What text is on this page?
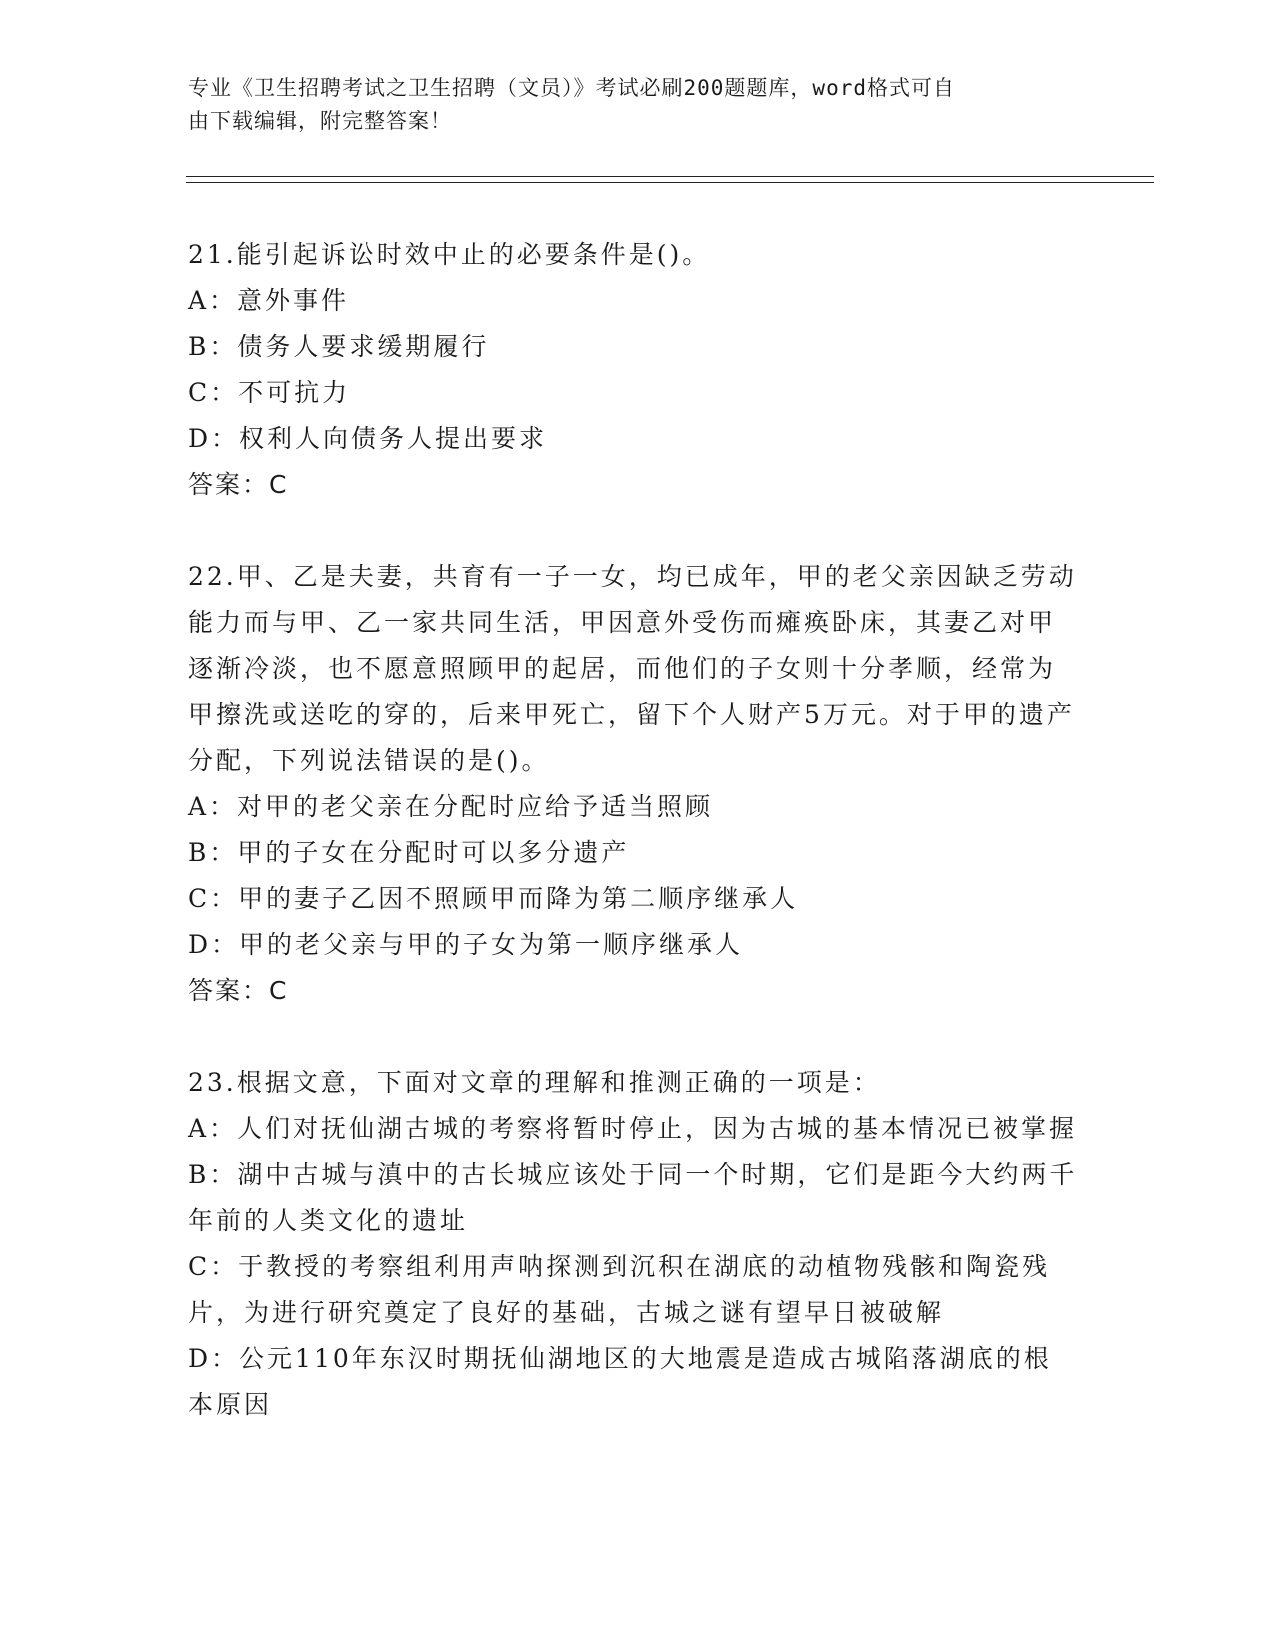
专业《卫生招聘考试之卫生招聘（文员）》考试必刷200题题库，word格式可自
由下载编辑，附完整答案！
21.能引起诉讼时效中止的必要条件是()。
A：意外事件
B：债务人要求缓期履行
C：不可抗力
D：权利人向债务人提出要求
答案：C
22.甲、乙是夫妻，共育有一子一女，均已成年，甲的老父亲因缺乏劳动能力而与甲、乙一家共同生活，甲因意外受伤而瘫痪卧床，其妻乙对甲逐渐冷淡，也不愿意照顾甲的起居，而他们的子女则十分孝顺，经常为甲擦洗或送吃的穿的，后来甲死亡，留下个人财产5万元。对于甲的遗产分配，下列说法错误的是()。
A：对甲的老父亲在分配时应给予适当照顾
B：甲的子女在分配时可以多分遗产
C：甲的妻子乙因不照顾甲而降为第二顺序继承人
D：甲的老父亲与甲的子女为第一顺序继承人
答案：C
23.根据文意，下面对文章的理解和推测正确的一项是：
A：人们对抚仙湖古城的考察将暂时停止，因为古城的基本情况已被掌握
B：湖中古城与滇中的古长城应该处于同一个时期，它们是距今大约两千年前的人类文化的遗址
C：于教授的考察组利用声呐探测到沉积在湖底的动植物残骸和陶瓷残片，为进行研究奠定了良好的基础，古城之谜有望早日被破解
D：公元110年东汉时期抚仙湖地区的大地震是造成古城陷落湖底的根本原因
